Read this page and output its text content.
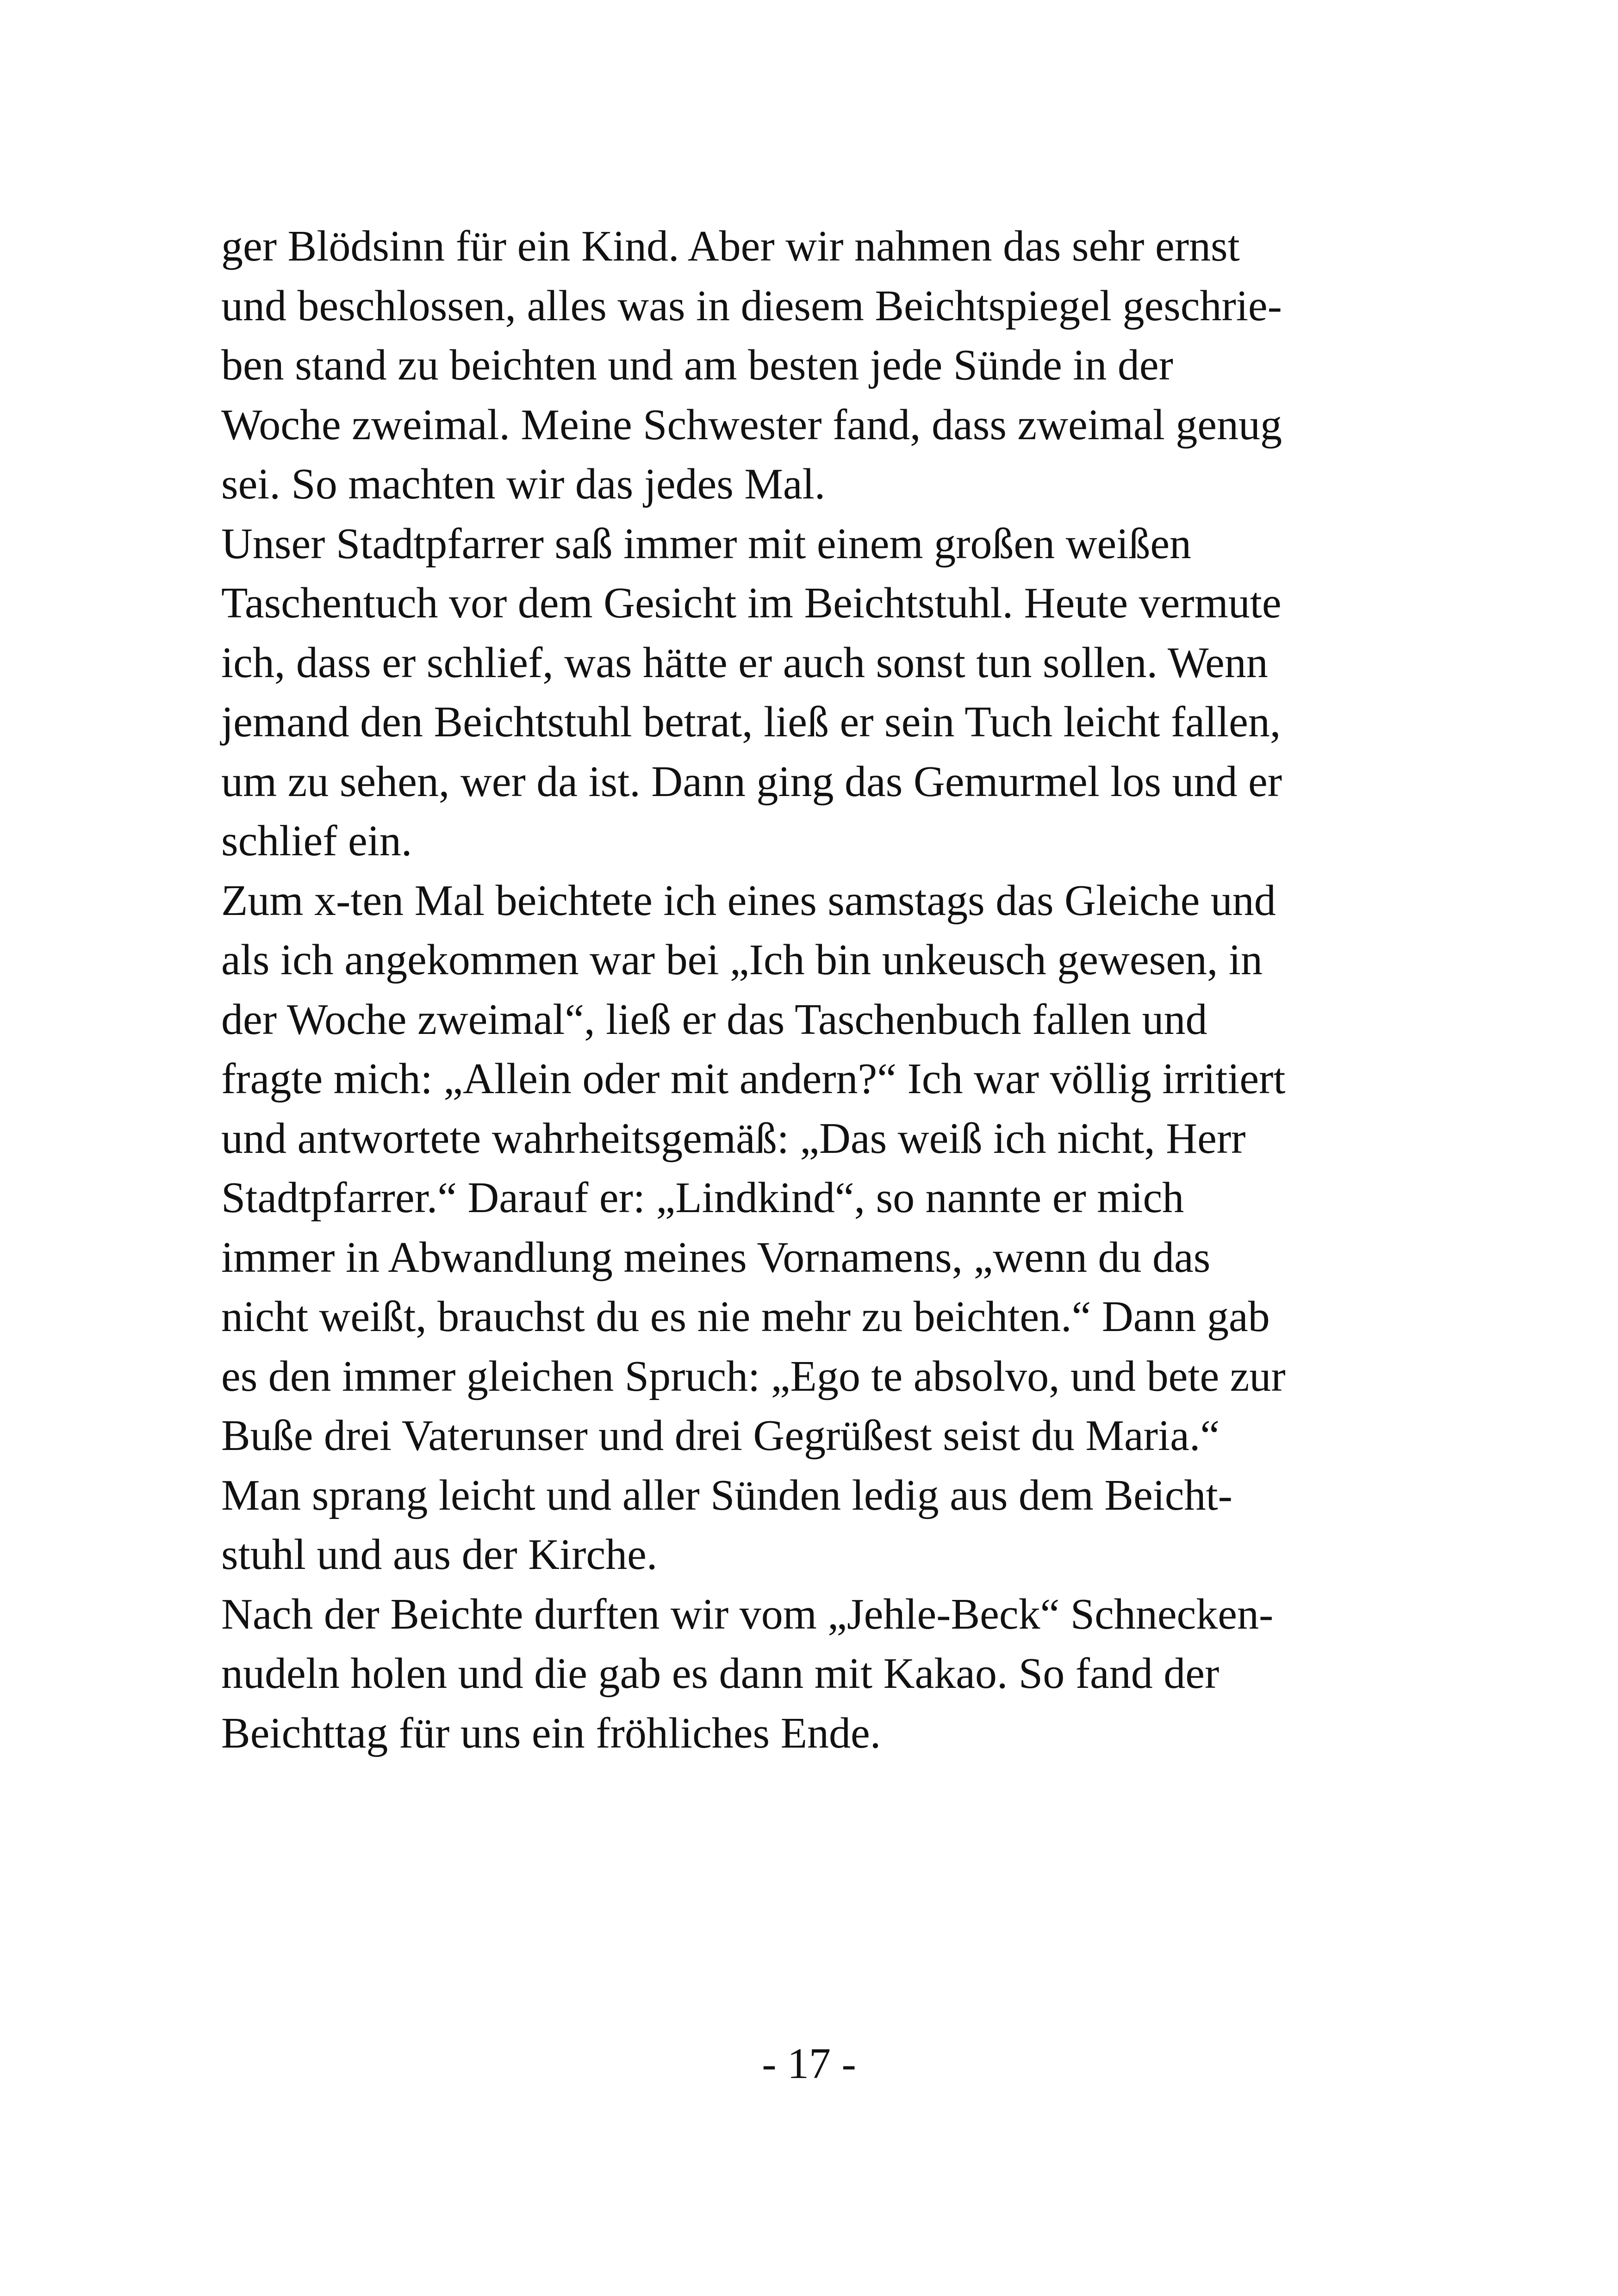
ger Blödsinn für ein Kind. Aber wir nahmen das sehr ernst
und beschlossen, alles was in diesem Beichtspiegel geschrie-
ben stand zu beichten und am besten jede Sünde in der
Woche zweimal. Meine Schwester fand, dass zweimal genug
sei. So machten wir das jedes Mal.
Unser Stadtpfarrer saß immer mit einem großen weißen
Taschentuch vor dem Gesicht im Beichtstuhl. Heute vermute
ich, dass er schlief, was hätte er auch sonst tun sollen. Wenn
jemand den Beichtstuhl betrat, ließ er sein Tuch leicht fallen,
um zu sehen, wer da ist. Dann ging das Gemurmel los und er
schlief ein.
Zum x-ten Mal beichtete ich eines samstags das Gleiche und
als ich angekommen war bei „Ich bin unkeusch gewesen, in
der Woche zweimal“, ließ er das Taschenbuch fallen und
fragte mich: „Allein oder mit andern?“ Ich war völlig irritiert
und antwortete wahrheitsgemäß: „Das weiß ich nicht, Herr
Stadtpfarrer.“ Darauf er: „Lindkind“, so nannte er mich
immer in Abwandlung meines Vornamens, „wenn du das
nicht weißt, brauchst du es nie mehr zu beichten.“ Dann gab
es den immer gleichen Spruch: „Ego te absolvo, und bete zur
Buße drei Vaterunser und drei Gegrüßest seist du Maria.“
Man sprang leicht und aller Sünden ledig aus dem Beicht-
stuhl und aus der Kirche.
Nach der Beichte durften wir vom „Jehle-Beck“ Schnecken-
nudeln holen und die gab es dann mit Kakao. So fand der
Beichttag für uns ein fröhliches Ende.
- 17 -
